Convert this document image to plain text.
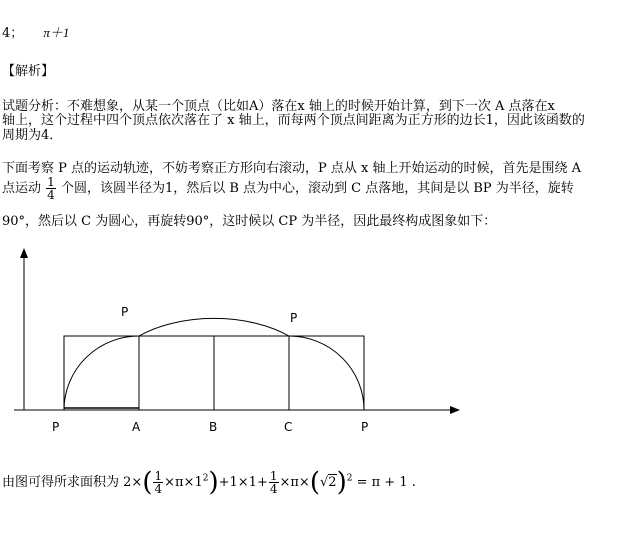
4； π＋1
【解析】
试题分析：不难想象，从某一个顶点（比如A）落在x 轴上的时候开始计算，到下一次 A 点落在x
轴上，这个过程中四个顶点依次落在了 x 轴上，而每两个顶点间距离为正方形的边长1，因此该函数的
周期为4．
下面考察 P 点的运动轨迹，不妨考察正方形向右滚动，P 点从 x 轴上开始运动的时候，首先是围绕 A
点运动 $\frac{1}{4}$ 个圆，该圆半径为1，然后以 B 点为中心，滚动到 C 点落地，其间是以 BP 为半径，旋转
90°，然后以 C 为圆心，再旋转90°，这时候以 CP 为半径，因此最终构成图象如下：
P	P
P	A	B	C	P
由图可得所求面积为 $2\times( \frac{1}{4} \times\pi\times 1^2)+1\times 1+ \frac{1}{4} \times\pi\times(√2)^2 = \pi + 1$ .
